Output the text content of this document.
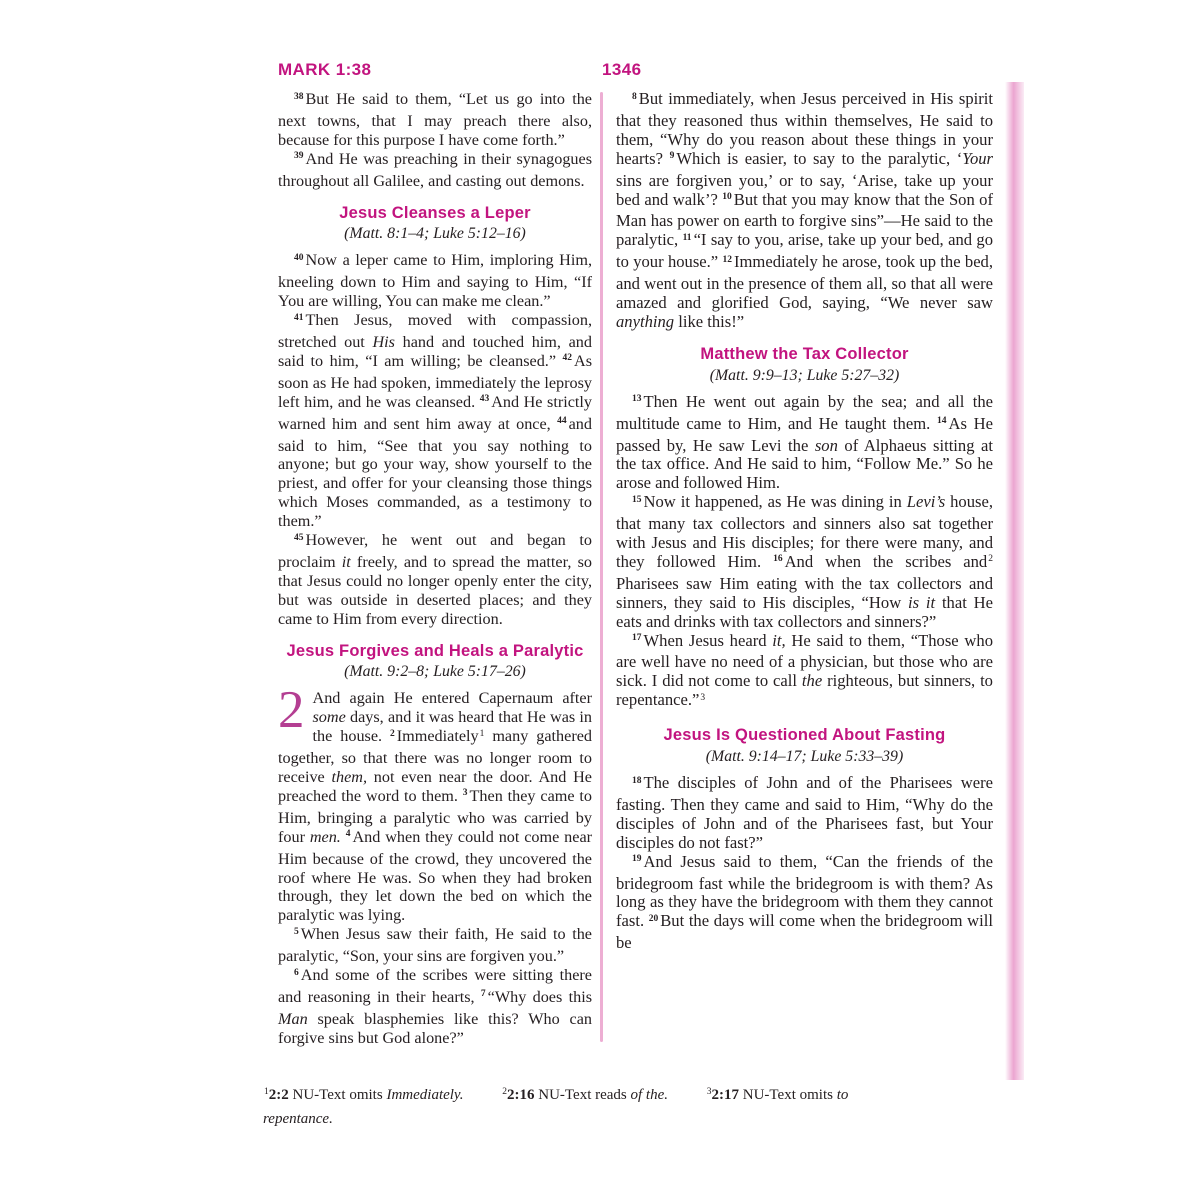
MARK 1:38	1346

$^{38}$ But He said to them, “Let us go into the next towns, that I may preach there also, because for this purpose I have come forth.”

$^{39}$ And He was preaching in their synagogues throughout all Galilee, and casting out demons.

Jesus Cleanses a Leper

(Matt. 8:1–4; Luke 5:12–16)

$^{40}$ Now a leper came to Him, imploring Him, kneeling down to Him and saying to Him, “If You are willing, You can make me clean.”

$^{41}$ Then Jesus, moved with compassion, stretched out His hand and touched him, and said to him, “I am willing; be cleansed.” $^{42}$ As soon as He had spoken, immediately the leprosy left him, and he was cleansed. $^{43}$ And He strictly warned him and sent him away at once, $^{44}$ and said to him, “See that you say nothing to anyone; but go your way, show yourself to the priest, and offer for your cleansing those things which Moses commanded, as a testimony to them.”

$^{45}$ However, he went out and began to proclaim it freely, and to spread the matter, so that Jesus could no longer openly enter the city, but was outside in deserted places; and they came to Him from every direction.

Jesus Forgives and Heals a Paralytic

(Matt. 9:2–8; Luke 5:17–26)

2 And again He entered Capernaum after some days, and it was heard that He was in the house. $^2$ Immediately$^1$ many gathered together, so that there was no longer room to receive them, not even near the door. And He preached the word to them. $^3$ Then they came to Him, bringing a paralytic who was carried by four men. $^4$ And when they could not come near Him because of the crowd, they uncovered the roof where He was. So when they had broken through, they let down the bed on which the paralytic was lying.

$^5$ When Jesus saw their faith, He said to the paralytic, “Son, your sins are forgiven you.”

$^6$ And some of the scribes were sitting there and reasoning in their hearts, $^7$ “Why does this Man speak blasphemies like this? Who can forgive sins but God alone?”

$^8$ But immediately, when Jesus perceived in His spirit that they reasoned thus within themselves, He said to them, “Why do you reason about these things in your hearts? $^9$ Which is easier, to say to the paralytic, ‘Your sins are forgiven you,’ or to say, ‘Arise, take up your bed and walk’? $^{10}$ But that you may know that the Son of Man has power on earth to forgive sins”—He said to the paralytic, $^{11}$ “I say to you, arise, take up your bed, and go to your house.” $^{12}$ Immediately he arose, took up the bed, and went out in the presence of them all, so that all were amazed and glorified God, saying, “We never saw anything like this!”

Matthew the Tax Collector

(Matt. 9:9–13; Luke 5:27–32)

$^{13}$ Then He went out again by the sea; and all the multitude came to Him, and He taught them. $^{14}$ As He passed by, He saw Levi the son of Alphaeus sitting at the tax office. And He said to him, “Follow Me.” So he arose and followed Him.

$^{15}$ Now it happened, as He was dining in Levi’s house, that many tax collectors and sinners also sat together with Jesus and His disciples; for there were many, and they followed Him. $^{16}$ And when the scribes and$^2$ Pharisees saw Him eating with the tax collectors and sinners, they said to His disciples, “How is it that He eats and drinks with tax collectors and sinners?”

$^{17}$ When Jesus heard it, He said to them, “Those who are well have no need of a physician, but those who are sick. I did not come to call the righteous, but sinners, to repentance.”$^3$

Jesus Is Questioned About Fasting

(Matt. 9:14–17; Luke 5:33–39)

$^{18}$ The disciples of John and of the Pharisees were fasting. Then they came and said to Him, “Why do the disciples of John and of the Pharisees fast, but Your disciples do not fast?”

$^{19}$ And Jesus said to them, “Can the friends of the bridegroom fast while the bridegroom is with them? As long as they have the bridegroom with them they cannot fast. $^{20}$ But the days will come when the bridegroom will be

$^1$2:2 NU-Text omits Immediately.	$^2$2:16 NU-Text reads of the.	$^3$2:17 NU-Text omits to repentance.
